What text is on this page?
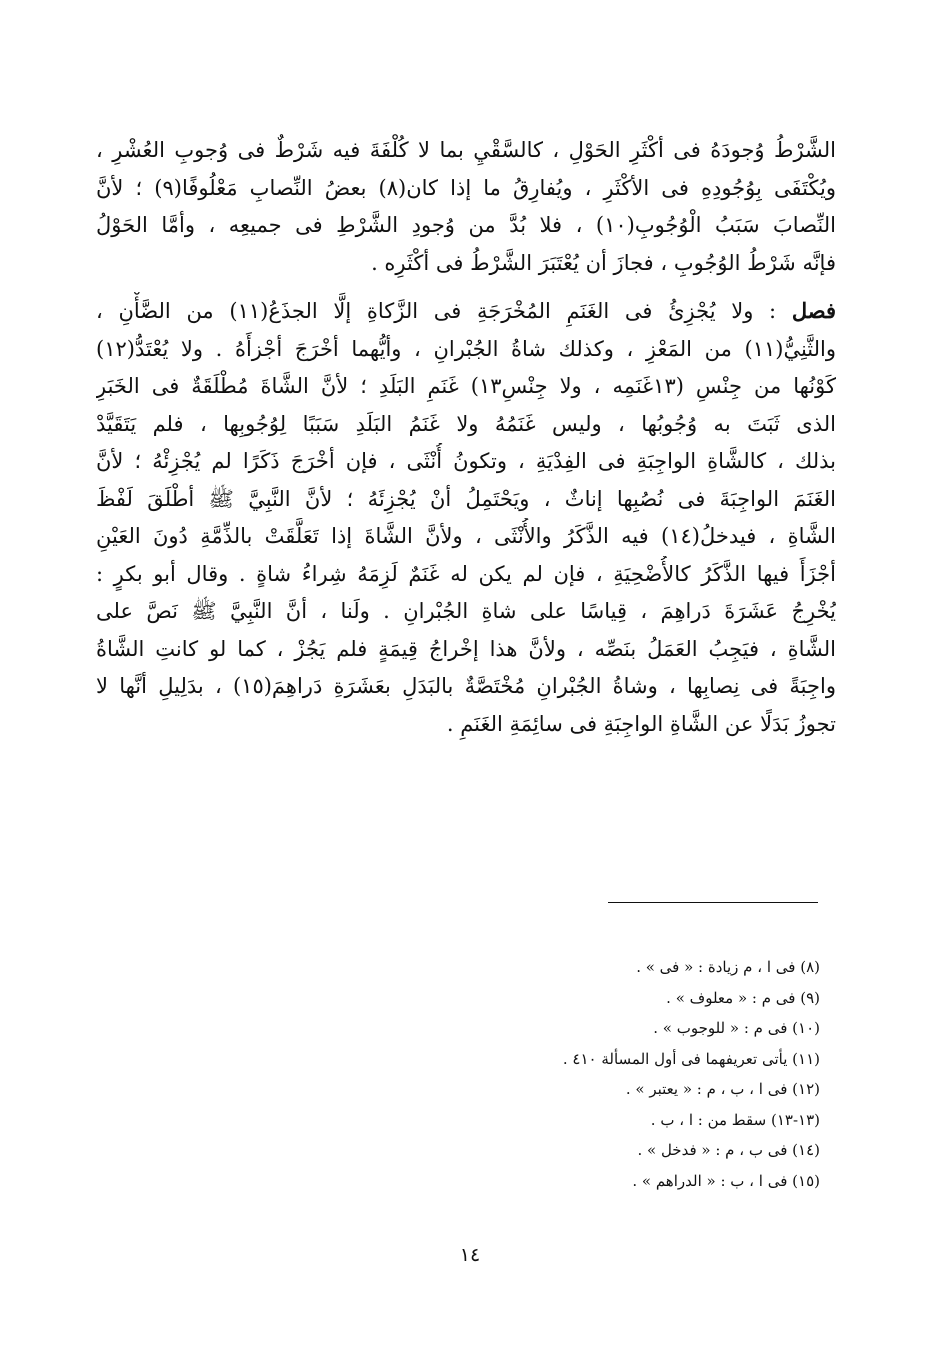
الشَّرْطُ وُجودَهُ فى أكْثَرِ الحَوْلِ ، كالسَّقْيِ بما لا كُلْفَةَ فيه شَرْطٌ فى وُجوبِ العُشْرِ ،
ويُكْتَفَى بِوُجُودِهِ فى الأكْثَرِ ، ويُفارِقُ ما إذا كان(٨) بعضُ النِّصابِ مَعْلُوفًا(٩) ؛ لأنَّ
النِّصابَ سَبَبُ الْوُجُوبِ(١٠) ، فلا بُدَّ من وُجودِ الشَّرْطِ فى جميعِه ، وأمَّا الحَوْلُ
فإنَّه شَرْطُ الوُجُوبِ ، فجازَ أن يُعْتَبَرَ الشَّرْطُ فى أكْثَرِه .

فصل : ولا يُجْزِئُ فى الغَنَمِ المُخْرَجَةِ فى الزَّكاةِ إلَّا الجذَعُ(١١) من الضَّأْنِ ،
والثَّنِيُّ(١١) من المَعْزِ ، وكذلك شاةُ الجُبْرانِ ، وأيُّهما أخْرَجَ أجْزأَهُ . ولا يُعْتَدُّ(١٢)
كَوْنُها من جِنْسِ (١٣غَنَمِه ، ولا جِنْسِ١٣) غَنَمِ البَلَدِ ؛ لأنَّ الشَّاةَ مُطْلَقَةٌ فى الخَبَرِ
الذى ثَبَتَ به وُجُوبُها ، وليس غَنَمُهُ ولا غَنَمُ البَلَدِ سَبَبًا لِوُجُوبِها ، فلم يَتَقَيَّدْ
بذلك ، كالشَّاةِ الواجِبَةِ فى الفِدْيَةِ ، وتكونُ أُنْثَى ، فإن أخْرَجَ ذَكَرًا لم يُجْزِئْهُ ؛ لأنَّ
الغَنَمَ الواجِبَةَ فى نُصُبِها إناثٌ ، ويَحْتَمِلُ أنْ يُجْزِئَهُ ؛ لأنَّ النَّبِيَّ ﷺ أطْلَقَ لَفْظَ
الشَّاةِ ، فيدخلُ(١٤) فيه الذَّكَرُ والأُنْثَى ، ولأنَّ الشَّاةَ إذا تَعَلَّقَتْ بالذِّمَّةِ دُونَ العَيْنِ
أجْزَأَ فيها الذَّكَرُ كالأُضْحِيَةِ ، فإن لم يكن له غَنَمٌ لَزِمَهُ شِراءُ شاةٍ . وقال أبو بكرٍ :
يُخْرِجُ عَشَرَةَ دَراهِمَ ، قِياسًا على شاةِ الجُبْرانِ . ولَنا ، أنَّ النَّبِيَّ ﷺ نَصَّ على
الشَّاةِ ، فيَجِبُ العَمَلُ بنَصِّه ، ولأنَّ هذا إخْراجُ قِيمَةٍ فلم يَجُزْ ، كما لو كانتِ الشَّاةُ
واجِبَةً فى نِصابِها ، وشاةُ الجُبْرانِ مُخْتَصَّةٌ بالبَدَلِ بعَشَرَةِ دَراهِمَ(١٥) ، بدَلِيلِ أنَّها لا
تجوزُ بَدَلًا عن الشَّاةِ الواجِبَةِ فى سائِمَةِ الغَنَمِ .

(٨) فى ا ، م زيادة : « فى » .
(٩) فى م : « معلوف » .
(١٠) فى م : « للوجوب » .
(١١) يأتى تعريفهما فى أول المسألة ٤١٠ .
(١٢) فى ا ، ب ، م : « يعتبر » .
(١٣-١٣) سقط من : ا ، ب .
(١٤) فى ب ، م : « فدخل » .
(١٥) فى ا ، ب : « الدراهم » .
١٤
